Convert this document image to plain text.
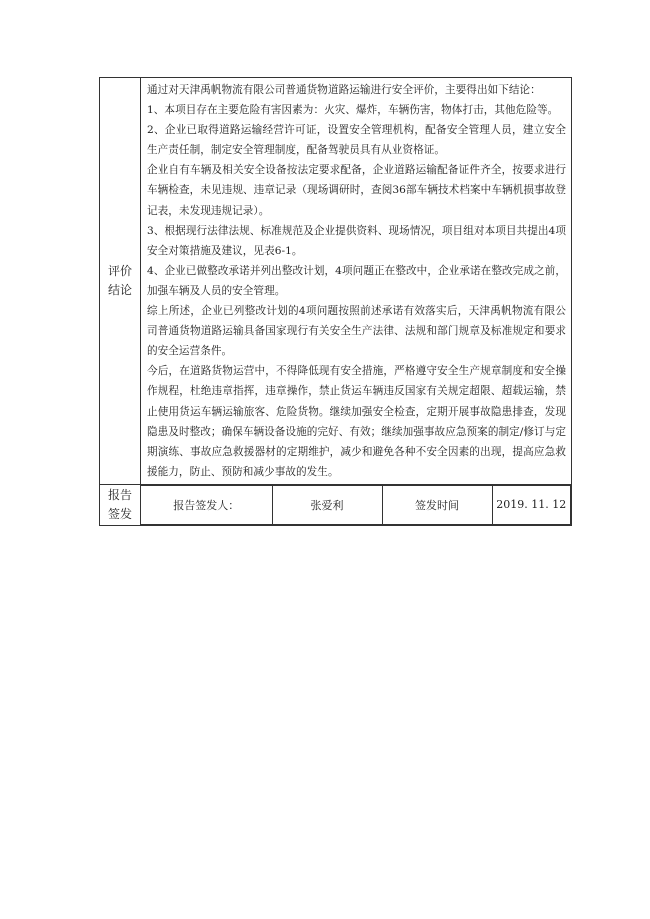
评价
结论

通过对天津禹帆物流有限公司普通货物道路运输进行安全评价，主要得出如下结论：

1、本项目存在主要危险有害因素为：火灾、爆炸，车辆伤害，物体打击，其他危险等。

2、企业已取得道路运输经营许可证，设置安全管理机构，配备安全管理人员，建立安全生产责任制，制定安全管理制度，配备驾驶员具有从业资格证。

企业自有车辆及相关安全设备按法定要求配备，企业道路运输配备证件齐全，按要求进行车辆检查，未见违规、违章记录（现场调研时，查阅36部车辆技术档案中车辆机损事故登记表，未发现违规记录）。

3、根据现行法律法规、标准规范及企业提供资料、现场情况，项目组对本项目共提出4项安全对策措施及建议，见表6-1。

4、企业已做整改承诺并列出整改计划，4项问题正在整改中，企业承诺在整改完成之前，加强车辆及人员的安全管理。

综上所述，企业已列整改计划的4项问题按照前述承诺有效落实后，天津禹帆物流有限公司普通货物道路运输具备国家现行有关安全生产法律、法规和部门规章及标准规定和要求的安全运营条件。

今后，在道路货物运营中，不得降低现有安全措施，严格遵守安全生产规章制度和安全操作规程，杜绝违章指挥，违章操作，禁止货运车辆违反国家有关规定超限、超载运输，禁止使用货运车辆运输旅客、危险货物。继续加强安全检查，定期开展事故隐患排查，发现隐患及时整改；确保车辆设备设施的完好、有效；继续加强事故应急预案的制定/修订与定期演练、事故应急救援器材的定期维护，减少和避免各种不安全因素的出现，提高应急救援能力，防止、预防和减少事故的发生。

报告
签发

报告签发人：	张爱利	签发时间	2019. 11. 12
